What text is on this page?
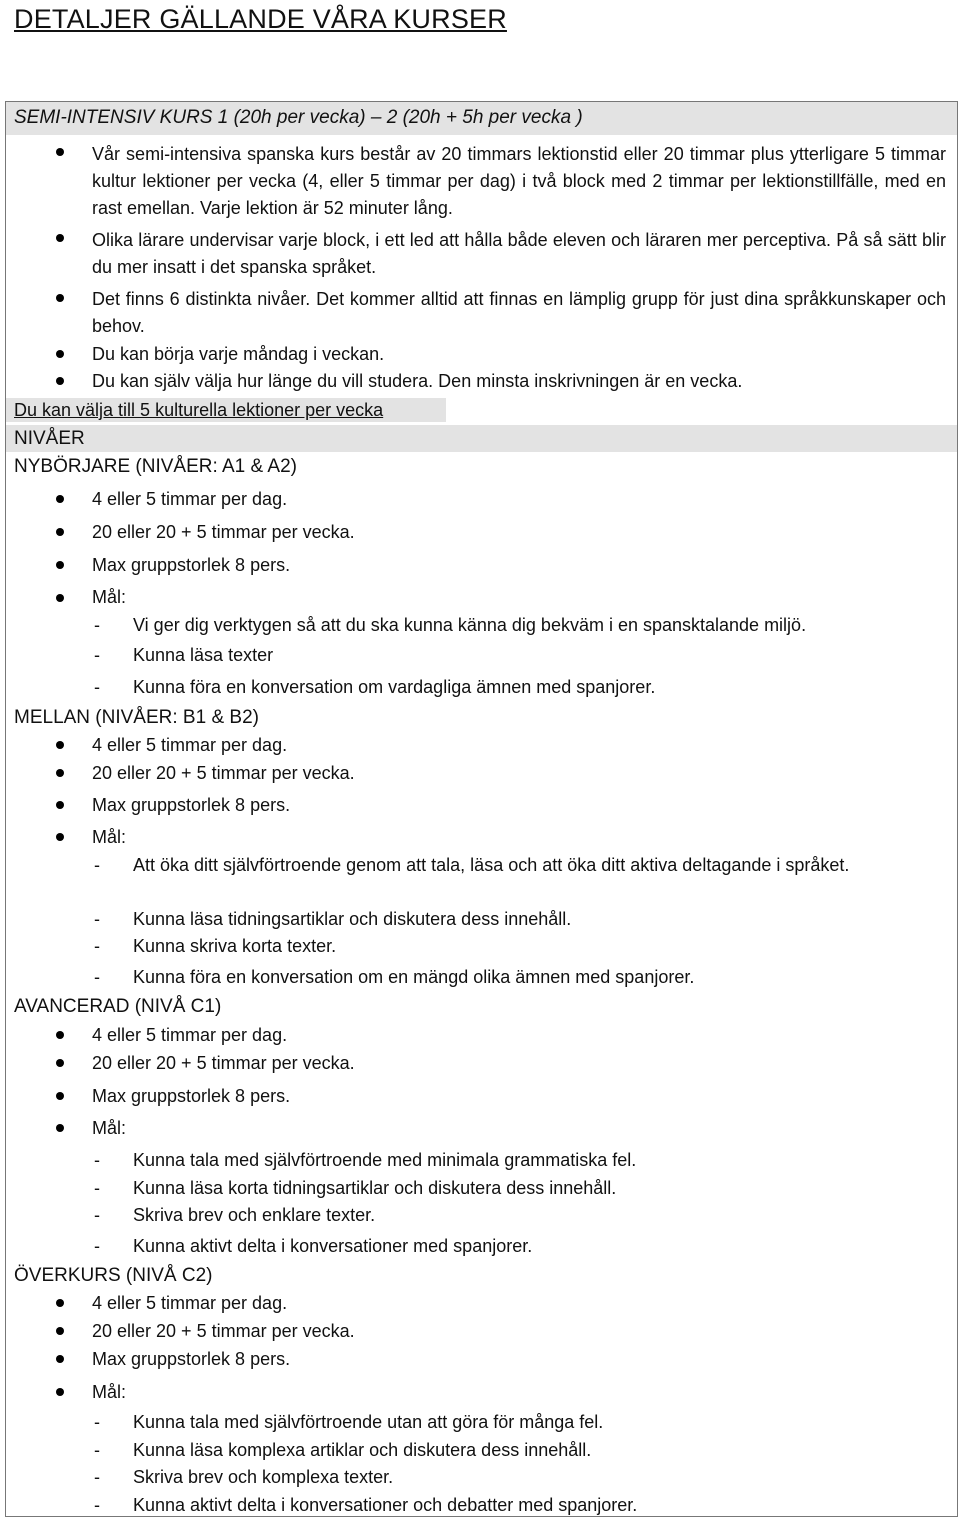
DETALJER GÄLLANDE VÅRA KURSER
SEMI-INTENSIV KURS 1 (20h per vecka) – 2 (20h + 5h per vecka )
Vår semi-intensiva spanska kurs består av 20 timmars lektionstid eller 20 timmar plus ytterligare 5 timmar kultur lektioner per vecka (4, eller 5 timmar per dag) i två block med 2 timmar per lektionstillfälle, med en rast emellan. Varje lektion är 52 minuter lång.
Olika lärare undervisar varje block, i ett led att hålla både eleven och läraren mer perceptiva. På så sätt blir du mer insatt i det spanska språket.
Det finns 6 distinkta nivåer. Det kommer alltid att finnas en lämplig grupp för just dina språkkunskaper och behov.
Du kan börja varje måndag i veckan.
Du kan själv välja hur länge du vill studera. Den minsta inskrivningen är en vecka.
Du kan välja till 5 kulturella lektioner per vecka
NIVÅER
NYBÖRJARE (NIVÅER: A1 & A2)
4 eller 5 timmar per dag.
20 eller 20 + 5 timmar per vecka.
Max gruppstorlek 8 pers.
Mål:
- Vi ger dig verktygen så att du ska kunna känna dig bekväm i en spansktalande miljö.
- Kunna läsa texter
- Kunna föra en konversation om vardagliga ämnen med spanjorer.
MELLAN (NIVÅER: B1 & B2)
4 eller 5 timmar per dag.
20 eller 20 + 5 timmar per vecka.
Max gruppstorlek 8 pers.
Mål:
- Att öka ditt självförtroende genom att tala, läsa och att öka ditt aktiva deltagande i språket.
- Kunna läsa tidningsartiklar och diskutera dess innehåll.
- Kunna skriva korta texter.
- Kunna föra en konversation om en mängd olika ämnen med spanjorer.
AVANCERAD (NIVÅ C1)
4 eller 5 timmar per dag.
20 eller 20 + 5 timmar per vecka.
Max gruppstorlek 8 pers.
Mål:
- Kunna tala med självförtroende med minimala grammatiska fel.
- Kunna läsa korta tidningsartiklar och diskutera dess innehåll.
- Skriva brev och enklare texter.
- Kunna aktivt delta i konversationer med spanjorer.
ÖVERKURS (NIVÅ C2)
4 eller 5 timmar per dag.
20 eller 20 + 5 timmar per vecka.
Max gruppstorlek 8 pers.
Mål:
- Kunna tala med självförtroende utan att göra för många fel.
- Kunna läsa komplexa artiklar och diskutera dess innehåll.
- Skriva brev och komplexa texter.
- Kunna aktivt delta i konversationer och debatter med spanjorer.
